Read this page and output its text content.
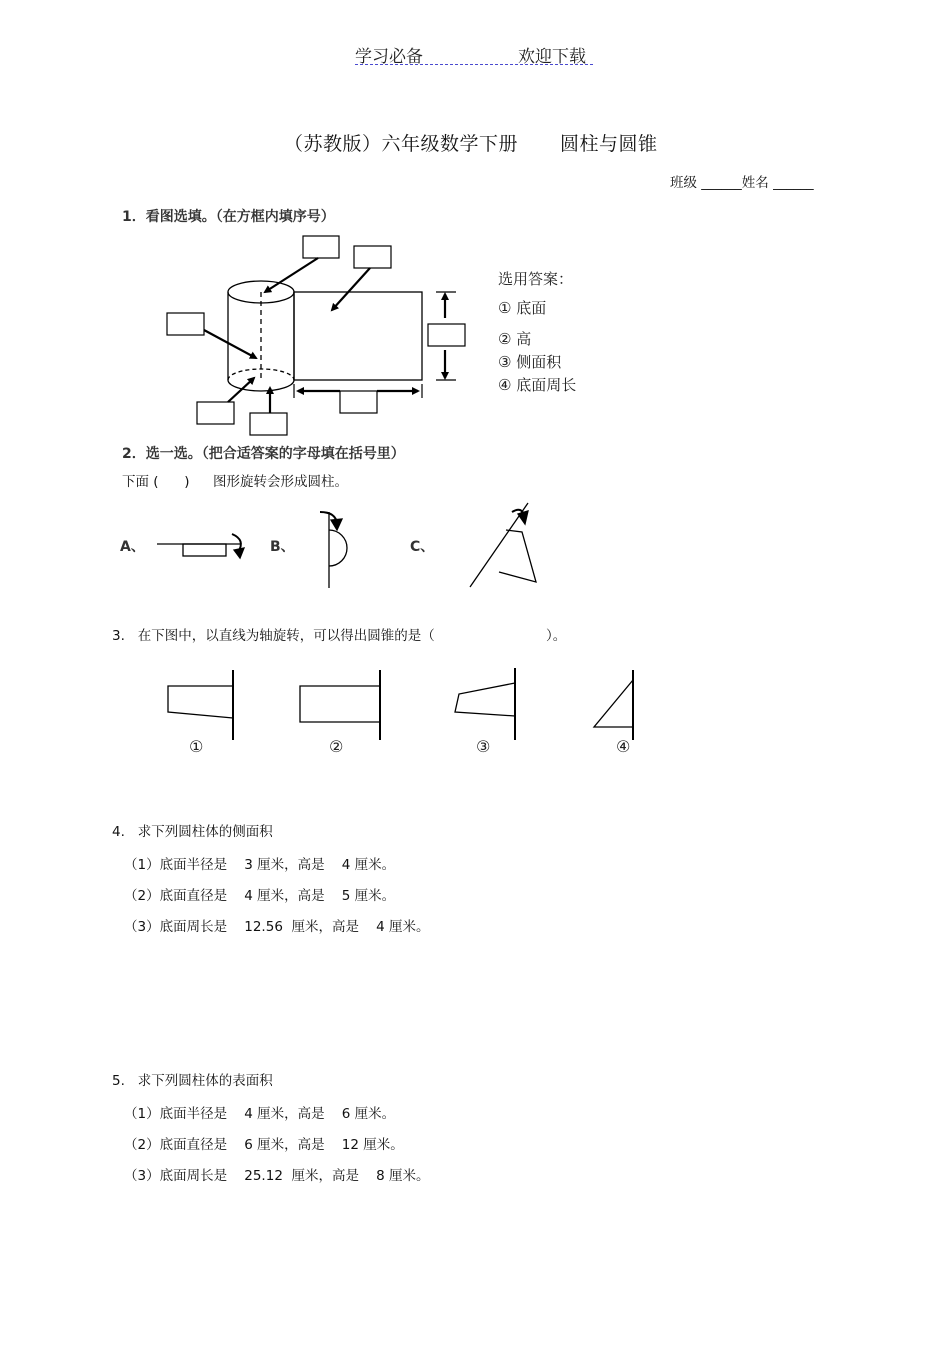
学习必备	欢迎下载
（苏教版）六年级数学下册 圆柱与圆锥
班级 ______姓名 ______
1．看图选填。（在方框内填序号）
选用答案：
① 底面
② 高
③ 侧面积
④ 底面周长
2．选一选。（把合适答案的字母填在括号里）
下面 (      ) 图形旋转会形成圆柱。
A、	B、	C、
3.   在下图中，以直线为轴旋转，可以得出圆锥的是（	）。
①	②	③	④
4.   求下列圆柱体的侧面积
（1）底面半径是    3 厘米，高是    4 厘米。
（2）底面直径是    4 厘米，高是    5 厘米。
（3）底面周长是    12.56  厘米，高是    4 厘米。
5.   求下列圆柱体的表面积
（1）底面半径是    4 厘米，高是    6 厘米。
（2）底面直径是    6 厘米，高是    12 厘米。
（3）底面周长是    25.12  厘米，高是    8 厘米。
